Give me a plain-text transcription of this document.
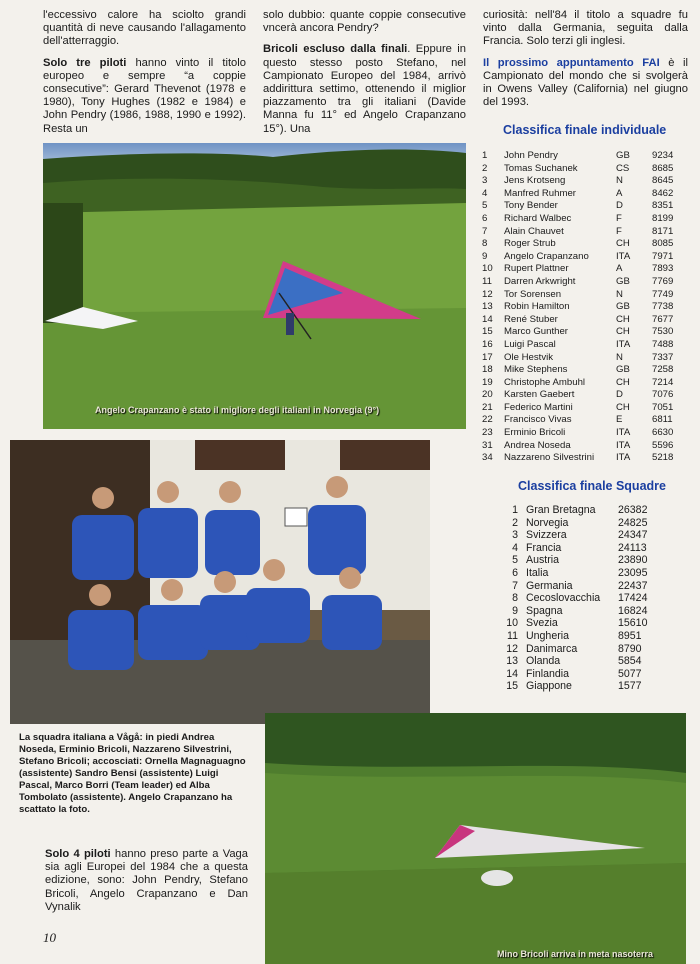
l'eccessivo calore ha sciolto grandi quantità di neve causando l'allagamento dell'atterraggio.

Solo tre piloti hanno vinto il titolo europeo e sempre “a coppie consecutive”: Gerard Thevenot (1978 e 1980), Tony Hughes (1982 e 1984) e John Pendry (1986, 1988, 1990 e 1992). Resta un

solo dubbio: quante coppie consecutive vncerà ancora Pendry?

Bricoli escluso dalla finali. Eppure in questo stesso posto Stefano, nel Campionato Europeo del 1984, arrivò addirittura settimo, ottenendo il miglior piazzamento tra gli italiani (Davide Manna fu 11° ed Angelo Crapanzano 15°). Una

curiosità: nell'84 il titolo a squadre fu vinto dalla Germania, seguita dalla Francia. Solo terzi gli inglesi.

Il prossimo appuntamento FAI è il Campionato del mondo che si svolgerà in Owens Valley (California) nel giugno del 1993.

Angelo Crapanzano è stato il migliore degli italiani in Norvegia (9°)
Classifica finale individuale
1	John Pendry	GB	9234
2	Tomas Suchanek	CS	8685
3	Jens Krotseng	N	8645
4	Manfred Ruhmer	A	8462
5	Tony Bender	D	8351
6	Richard Walbec	F	8199
7	Alain Chauvet	F	8171
8	Roger Strub	CH	8085
9	Angelo Crapanzano	ITA	7971
10	Rupert Plattner	A	7893
11	Darren Arkwright	GB	7769
12	Tor Sorensen	N	7749
13	Robin Hamilton	GB	7738
14	René Stuber	CH	7677
15	Marco Gunther	CH	7530
16	Luigi Pascal	ITA	7488
17	Ole Hestvik	N	7337
18	Mike Stephens	GB	7258
19	Christophe Ambuhl	CH	7214
20	Karsten Gaebert	D	7076
21	Federico Martini	CH	7051
22	Francisco Vivas	E	6811
23	Erminio Bricoli	ITA	6630
31	Andrea Noseda	ITA	5596
34	Nazzareno Silvestrini	ITA	5218
Classifica finale Squadre
1	Gran Bretagna	26382
2	Norvegia	24825
3	Svizzera	24347
4	Francia	24113
5	Austria	23890
6	Italia	23095
7	Germania	22437
8	Cecoslovacchia	17424
9	Spagna	16824
10	Svezia	15610
11	Ungheria	8951
12	Danimarca	8790
13	Olanda	5854
14	Finlandia	5077
15	Giappone	1577
La squadra italiana a Vågå: in piedi Andrea Noseda, Erminio Bricoli, Nazzareno Silvestrini, Stefano Bricoli; accosciati: Ornella Magnaguagno (assistente) Sandro Bensi (assistente) Luigi Pascal, Marco Borri (Team leader) ed Alba Tombolato (assistente). Angelo Crapanzano ha scattato la foto.

Solo 4 piloti hanno preso parte a Vaga sia agli Europei del 1984 che a questa edizione, sono: John Pendry, Stefano Bricoli, Angelo Crapanzano e Dan Vynalik

10
Mino Bricoli arriva in meta nasoterra
